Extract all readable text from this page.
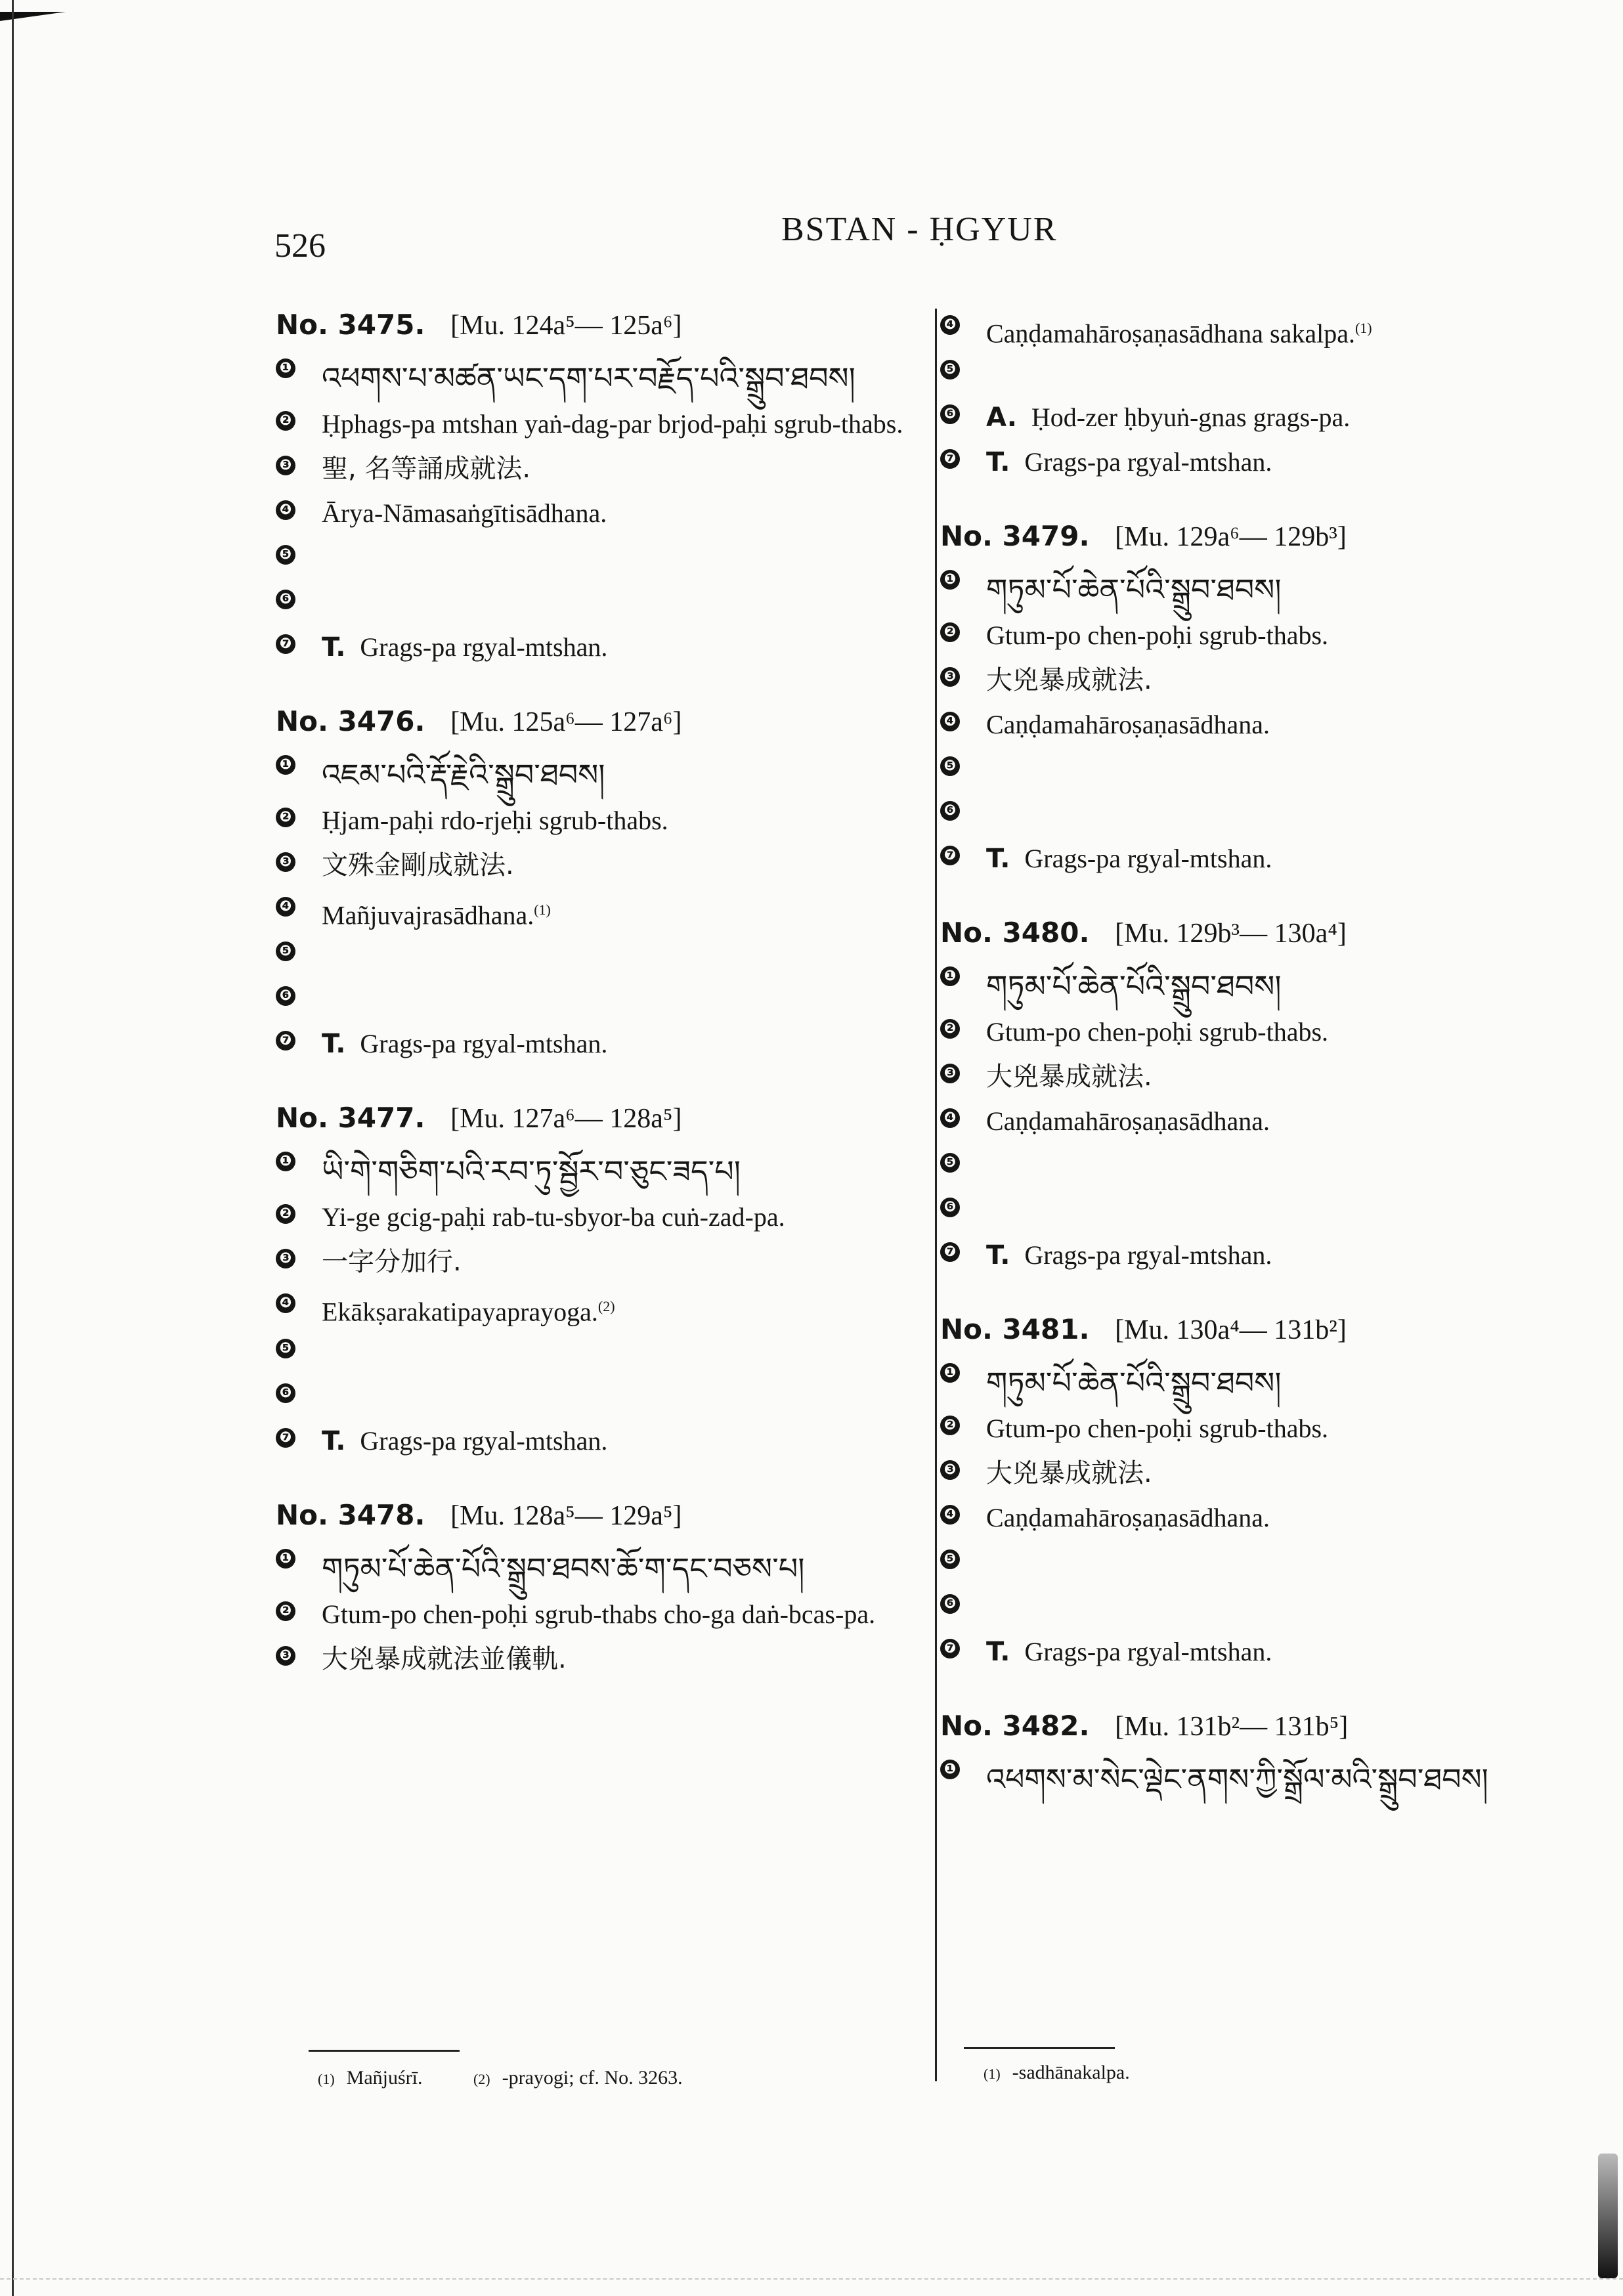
526	BSTAN - ḤGYUR
No. 3475. [Mu. 124a⁵— 125a⁶]
❶ འཕགས་པ་མཚན་ཡང་དག་པར་བརྗོད་པའི་སྒྲུབ་ཐབས།
❷ Ḥphags-pa mtshan yaṅ-dag-par brjod-paḥi sgrub-thabs.
❸ 聖, 名等誦成就法.
❹ Ārya-Nāmasaṅgītisādhana.
❺
❻
❼ T. Grags-pa rgyal-mtshan.
No. 3476. [Mu. 125a⁶— 127a⁶]
❶ འཇམ་པའི་རྡོ་རྗེའི་སྒྲུབ་ཐབས།
❷ Ḥjam-paḥi rdo-rjeḥi sgrub-thabs.
❸ 文殊金剛成就法.
❹ Mañjuvajrasādhana.$^{(1)}$
❺
❻
❼ T. Grags-pa rgyal-mtshan.
No. 3477. [Mu. 127a⁶— 128a⁵]
❶ ཡི་གེ་གཅིག་པའི་རབ་ཏུ་སྦྱོར་བ་ཅུང་ཟད་པ།
❷ Yi-ge gcig-paḥi rab-tu-sbyor-ba cuṅ-zad-pa.
❸ 一字分加行.
❹ Ekākṣarakatipayaprayoga.$^{(2)}$
❺
❻
❼ T. Grags-pa rgyal-mtshan.
No. 3478. [Mu. 128a⁵— 129a⁵]
❶ གཏུམ་པོ་ཆེན་པོའི་སྒྲུབ་ཐབས་ཆོ་ག་དང་བཅས་པ།
❷ Gtum-po chen-poḥi sgrub-thabs cho-ga daṅ-bcas-pa.
❸ 大兇暴成就法並儀軌.
❹ Caṇḍamahāroṣaṇasādhana sakalpa.$^{(1)}$
❺
❻ A. Ḥod-zer ḥbyuṅ-gnas grags-pa.
❼ T. Grags-pa rgyal-mtshan.
No. 3479. [Mu. 129a⁶— 129b³]
❶ གཏུམ་པོ་ཆེན་པོའི་སྒྲུབ་ཐབས།
❷ Gtum-po chen-poḥi sgrub-thabs.
❸ 大兇暴成就法.
❹ Caṇḍamahāroṣaṇasādhana.
❺
❻
❼ T. Grags-pa rgyal-mtshan.
No. 3480. [Mu. 129b³— 130a⁴]
❶ གཏུམ་པོ་ཆེན་པོའི་སྒྲུབ་ཐབས།
❷ Gtum-po chen-poḥi sgrub-thabs.
❸ 大兇暴成就法.
❹ Caṇḍamahāroṣaṇasādhana.
❺
❻
❼ T. Grags-pa rgyal-mtshan.
No. 3481. [Mu. 130a⁴— 131b²]
❶ གཏུམ་པོ་ཆེན་པོའི་སྒྲུབ་ཐབས།
❷ Gtum-po chen-poḥi sgrub-thabs.
❸ 大兇暴成就法.
❹ Caṇḍamahāroṣaṇasādhana.
❺
❻
❼ T. Grags-pa rgyal-mtshan.
No. 3482. [Mu. 131b²— 131b⁵]
❶ འཕགས་མ་སེང་ལྡེང་ནགས་ཀྱི་སྒྲོལ་མའི་སྒྲུབ་ཐབས།
(1) Mañjuśrī.	(2) -prayogi; cf. No. 3263.	(1) -sadhānakalpa.
